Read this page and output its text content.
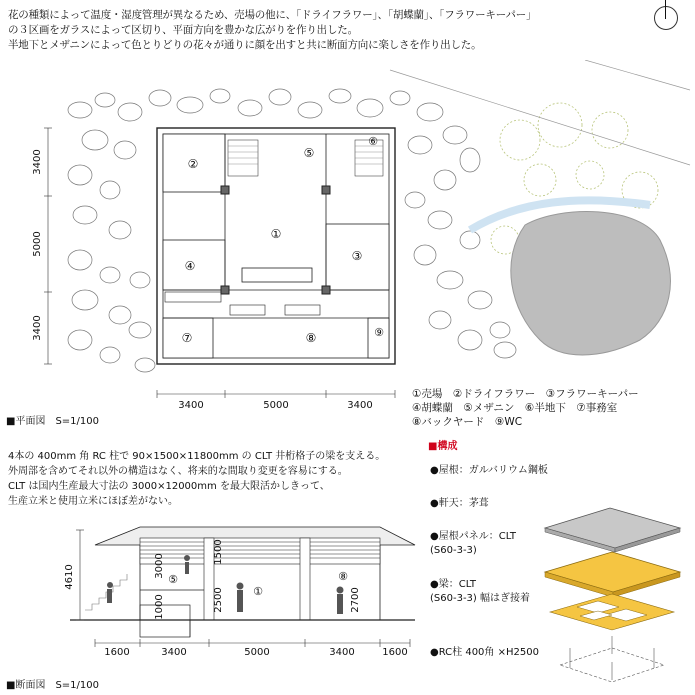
花の種類によって温度・湿度管理が異なるため、売場の他に、「ドライフラワー」、「胡蝶蘭」、「フラワーキーパー」
の３区画をガラスによって区切り、平面方向を豊かな広がりを作り出した。
半地下とメザニンによって色とりどりの花々が通りに顔を出すと共に断面方向に楽しさを作り出した。
②
⑤
⑥
①
③
④
⑦	⑧	⑨
3400
5000
3400
3400	5000	3400
■平面図　S=1/100
①売場　②ドライフラワー　③フラワーキーパー
④胡蝶蘭　⑤メザニン　⑥半地下　⑦事務室
⑧バックヤード　⑨WC
4本の 400mm 角 RC 柱で 90×1500×11800mm の CLT 井桁格子の梁を支える。
外周部を含めてそれ以外の構造はなく、将来的な間取り変更を容易にする。
CLT は国内生産最大寸法の 3000×12000mm を最大限活かしきって、
生産立米と使用立米にほぼ差がない。
⑤
①
⑧
4610	3000
1500
1000	2500	2700
1600	3400	5000	3400	1600
■断面図　S=1/100
■構成
●屋根：ガルバリウム鋼板
●軒天：茅葺
●屋根パネル：CLT
(S60-3-3)
●梁：CLT
(S60-3-3) 幅はぎ接着
●RC柱 400角 ×H2500
